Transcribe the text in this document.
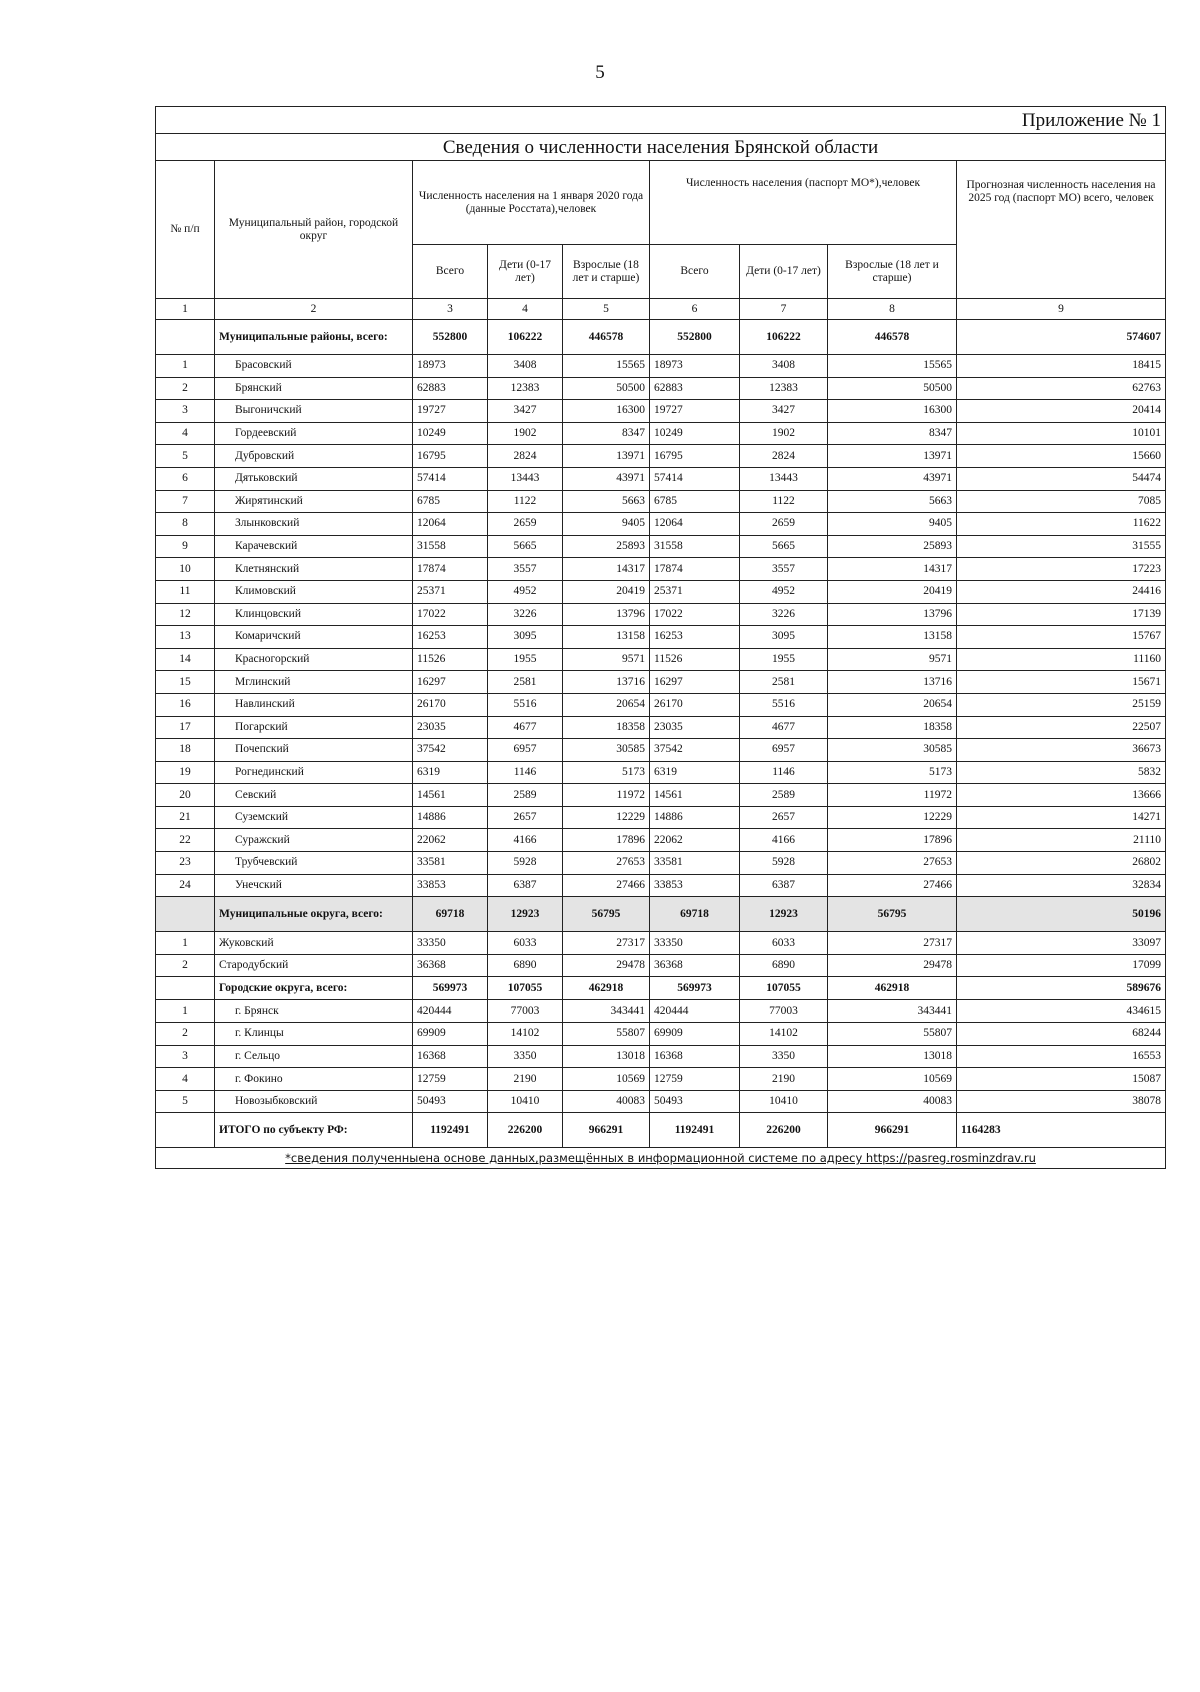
5
Приложение № 1								
Сведения о численности населения Брянской области								
№ п/п	Муниципальный район, городской округ	Численность населения на 1 января 2020 года (данные Росстата),человек			Численность населения (паспорт МО*),человек			Прогнозная численность населения на 2025 год (паспорт МО) всего, человек
		Всего	Дети (0-17 лет)	Взрослые (18 лет и старше)	Всего	Дети (0-17 лет)	Взрослые (18 лет и старше)	
1	2	3	4	5	6	7	8	9
	Муниципальные районы, всего:	552800	106222	446578	552800	106222	446578	574607
1	Брасовский	18973	3408	15565	18973	3408	15565	18415
2	Брянский	62883	12383	50500	62883	12383	50500	62763
3	Выгоничский	19727	3427	16300	19727	3427	16300	20414
4	Гордеевский	10249	1902	8347	10249	1902	8347	10101
5	Дубровский	16795	2824	13971	16795	2824	13971	15660
6	Дятьковский	57414	13443	43971	57414	13443	43971	54474
7	Жирятинский	6785	1122	5663	6785	1122	5663	7085
8	Злынковский	12064	2659	9405	12064	2659	9405	11622
9	Карачевский	31558	5665	25893	31558	5665	25893	31555
10	Клетнянский	17874	3557	14317	17874	3557	14317	17223
11	Климовский	25371	4952	20419	25371	4952	20419	24416
12	Клинцовский	17022	3226	13796	17022	3226	13796	17139
13	Комаричский	16253	3095	13158	16253	3095	13158	15767
14	Красногорский	11526	1955	9571	11526	1955	9571	11160
15	Мглинский	16297	2581	13716	16297	2581	13716	15671
16	Навлинский	26170	5516	20654	26170	5516	20654	25159
17	Погарский	23035	4677	18358	23035	4677	18358	22507
18	Почепский	37542	6957	30585	37542	6957	30585	36673
19	Рогнединский	6319	1146	5173	6319	1146	5173	5832
20	Севский	14561	2589	11972	14561	2589	11972	13666
21	Суземский	14886	2657	12229	14886	2657	12229	14271
22	Суражский	22062	4166	17896	22062	4166	17896	21110
23	Трубчевский	33581	5928	27653	33581	5928	27653	26802
24	Унечский	33853	6387	27466	33853	6387	27466	32834
	Муниципальные округа, всего:	69718	12923	56795	69718	12923	56795	50196
1	Жуковский	33350	6033	27317	33350	6033	27317	33097
2	Стародубский	36368	6890	29478	36368	6890	29478	17099
	Городские округа, всего:	569973	107055	462918	569973	107055	462918	589676
1	г. Брянск	420444	77003	343441	420444	77003	343441	434615
2	г. Клинцы	69909	14102	55807	69909	14102	55807	68244
3	г. Сельцо	16368	3350	13018	16368	3350	13018	16553
4	г. Фокино	12759	2190	10569	12759	2190	10569	15087
5	Новозыбковский	50493	10410	40083	50493	10410	40083	38078
	ИТОГО по субъекту РФ:	1192491	226200	966291	1192491	226200	966291	1164283
*сведения полученныена основе данных,размещённых в информационной системе по адресу https://pasreg.rosminzdrav.ru								
